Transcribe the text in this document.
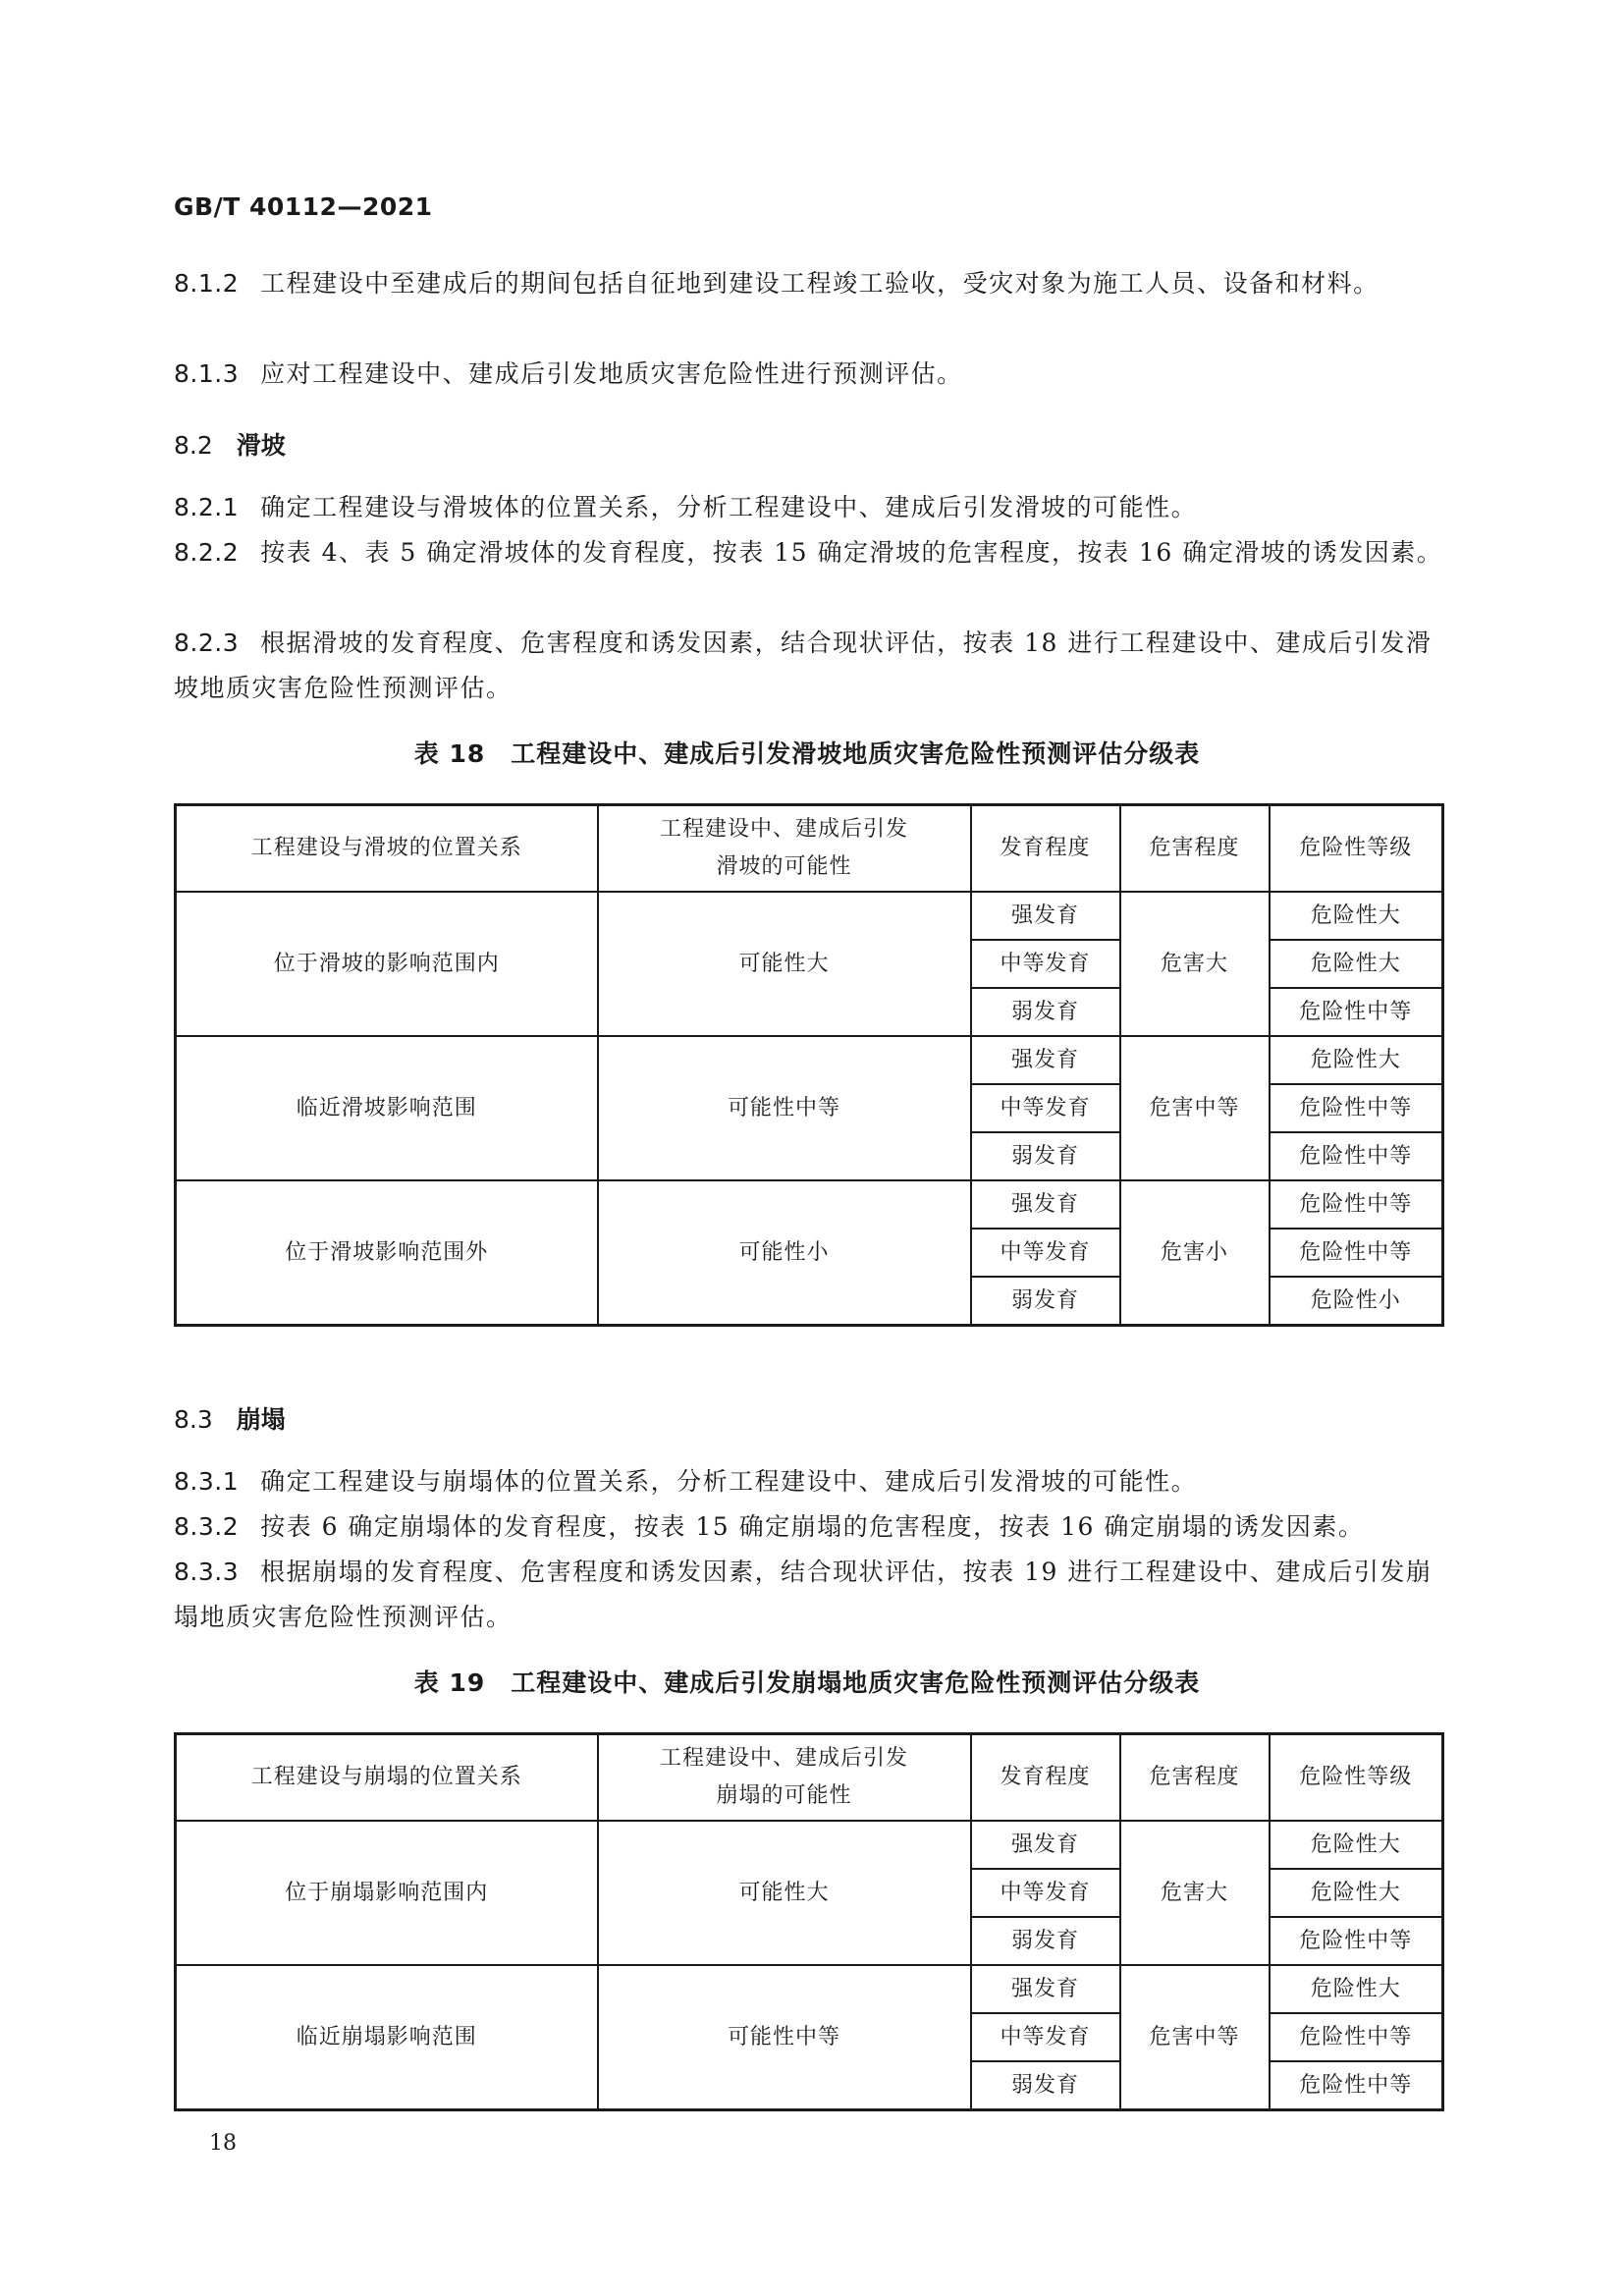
GB/T 40112—2021

8.1.2 工程建设中至建成后的期间包括自征地到建设工程竣工验收，受灾对象为施工人员、设备和材料。

8.1.3 应对工程建设中、建成后引发地质灾害危险性进行预测评估。

8.2 滑坡

8.2.1 确定工程建设与滑坡体的位置关系，分析工程建设中、建成后引发滑坡的可能性。

8.2.2 按表 4、表 5 确定滑坡体的发育程度，按表 15 确定滑坡的危害程度，按表 16 确定滑坡的诱发因素。

8.2.3 根据滑坡的发育程度、危害程度和诱发因素，结合现状评估，按表 18 进行工程建设中、建成后引发滑坡地质灾害危险性预测评估。

表 18 工程建设中、建成后引发滑坡地质灾害危险性预测评估分级表
工程建设与滑坡的位置关系	工程建设中、建成后引发
滑坡的可能性	发育程度	危害程度	危险性等级
位于滑坡的影响范围内	可能性大	强发育	危害大	危险性大
		中等发育		危险性大
		弱发育		危险性中等
临近滑坡影响范围	可能性中等	强发育	危害中等	危险性大
		中等发育		危险性中等
		弱发育		危险性中等
位于滑坡影响范围外	可能性小	强发育	危害小	危险性中等
		中等发育		危险性中等
		弱发育		危险性小
8.3 崩塌

8.3.1 确定工程建设与崩塌体的位置关系，分析工程建设中、建成后引发滑坡的可能性。

8.3.2 按表 6 确定崩塌体的发育程度，按表 15 确定崩塌的危害程度，按表 16 确定崩塌的诱发因素。

8.3.3 根据崩塌的发育程度、危害程度和诱发因素，结合现状评估，按表 19 进行工程建设中、建成后引发崩塌地质灾害危险性预测评估。

表 19 工程建设中、建成后引发崩塌地质灾害危险性预测评估分级表
工程建设与崩塌的位置关系	工程建设中、建成后引发
崩塌的可能性	发育程度	危害程度	危险性等级
位于崩塌影响范围内	可能性大	强发育	危害大	危险性大
		中等发育		危险性大
		弱发育		危险性中等
临近崩塌影响范围	可能性中等	强发育	危害中等	危险性大
		中等发育		危险性中等
		弱发育		危险性中等
18
